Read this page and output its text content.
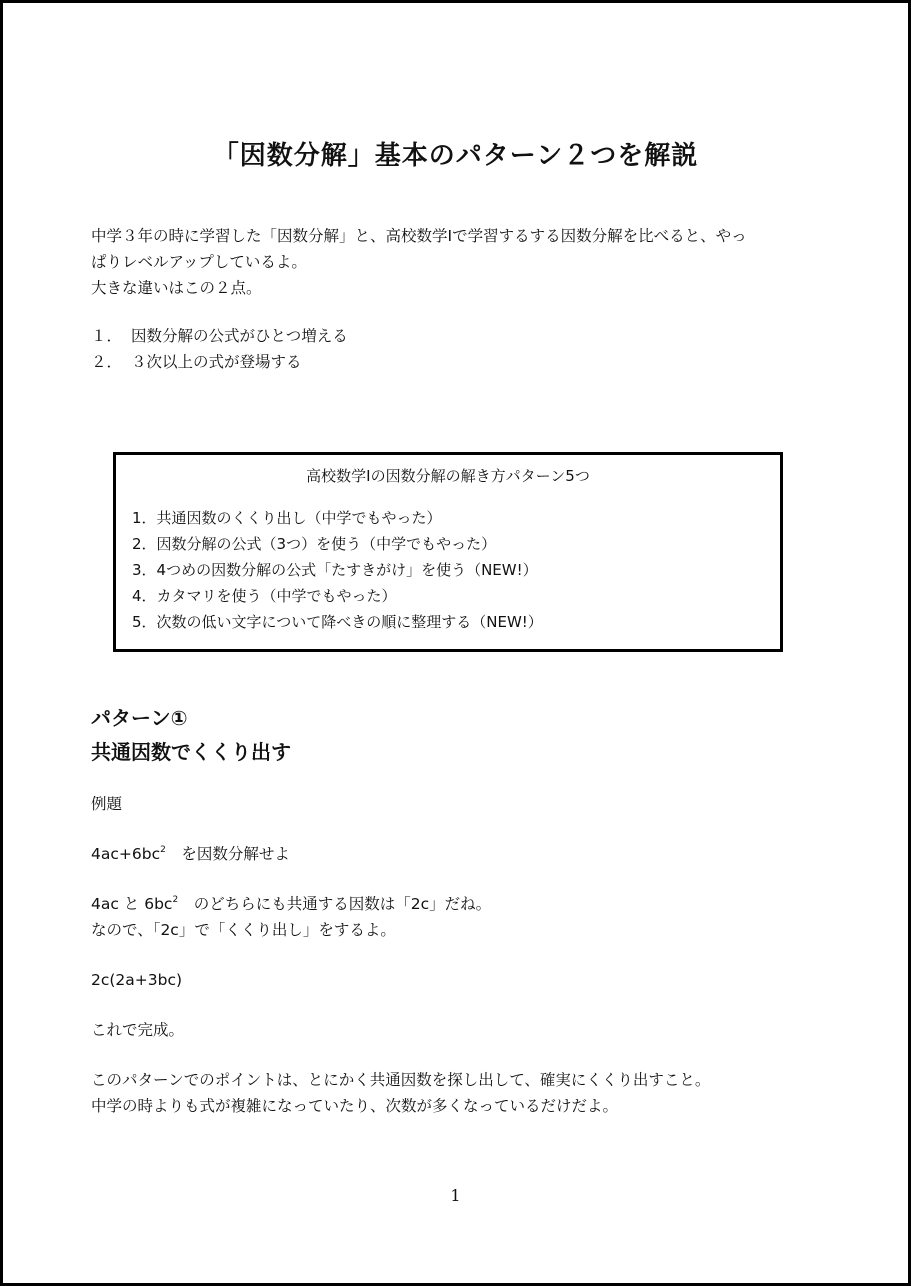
「因数分解」基本のパターン２つを解説

中学３年の時に学習した「因数分解」と、高校数学Ⅰで学習するする因数分解を比べると、やっ

ぱりレベルアップしているよ。

大きな違いはこの２点。

１． 因数分解の公式がひとつ増える
２． ３次以上の式が登場する
高校数学Ⅰの因数分解の解き方パターン5つ
1．共通因数のくくり出し（中学でもやった）
2．因数分解の公式（3つ）を使う（中学でもやった）
3．4つめの因数分解の公式「たすきがけ」を使う（NEW!）
4．カタマリを使う（中学でもやった）
5．次数の低い文字について降べきの順に整理する（NEW!）
パターン①
共通因数でくくり出す
例題
$4ac+6bc^2$　を因数分解せよ
4ac と $6bc^2$　のどちらにも共通する因数は「2c」だね。
なので、「2c」で「くくり出し」をするよ。
2c(2a+3bc)
これで完成。
このパターンでのポイントは、とにかく共通因数を探し出して、確実にくくり出すこと。
中学の時よりも式が複雑になっていたり、次数が多くなっているだけだよ。
1
